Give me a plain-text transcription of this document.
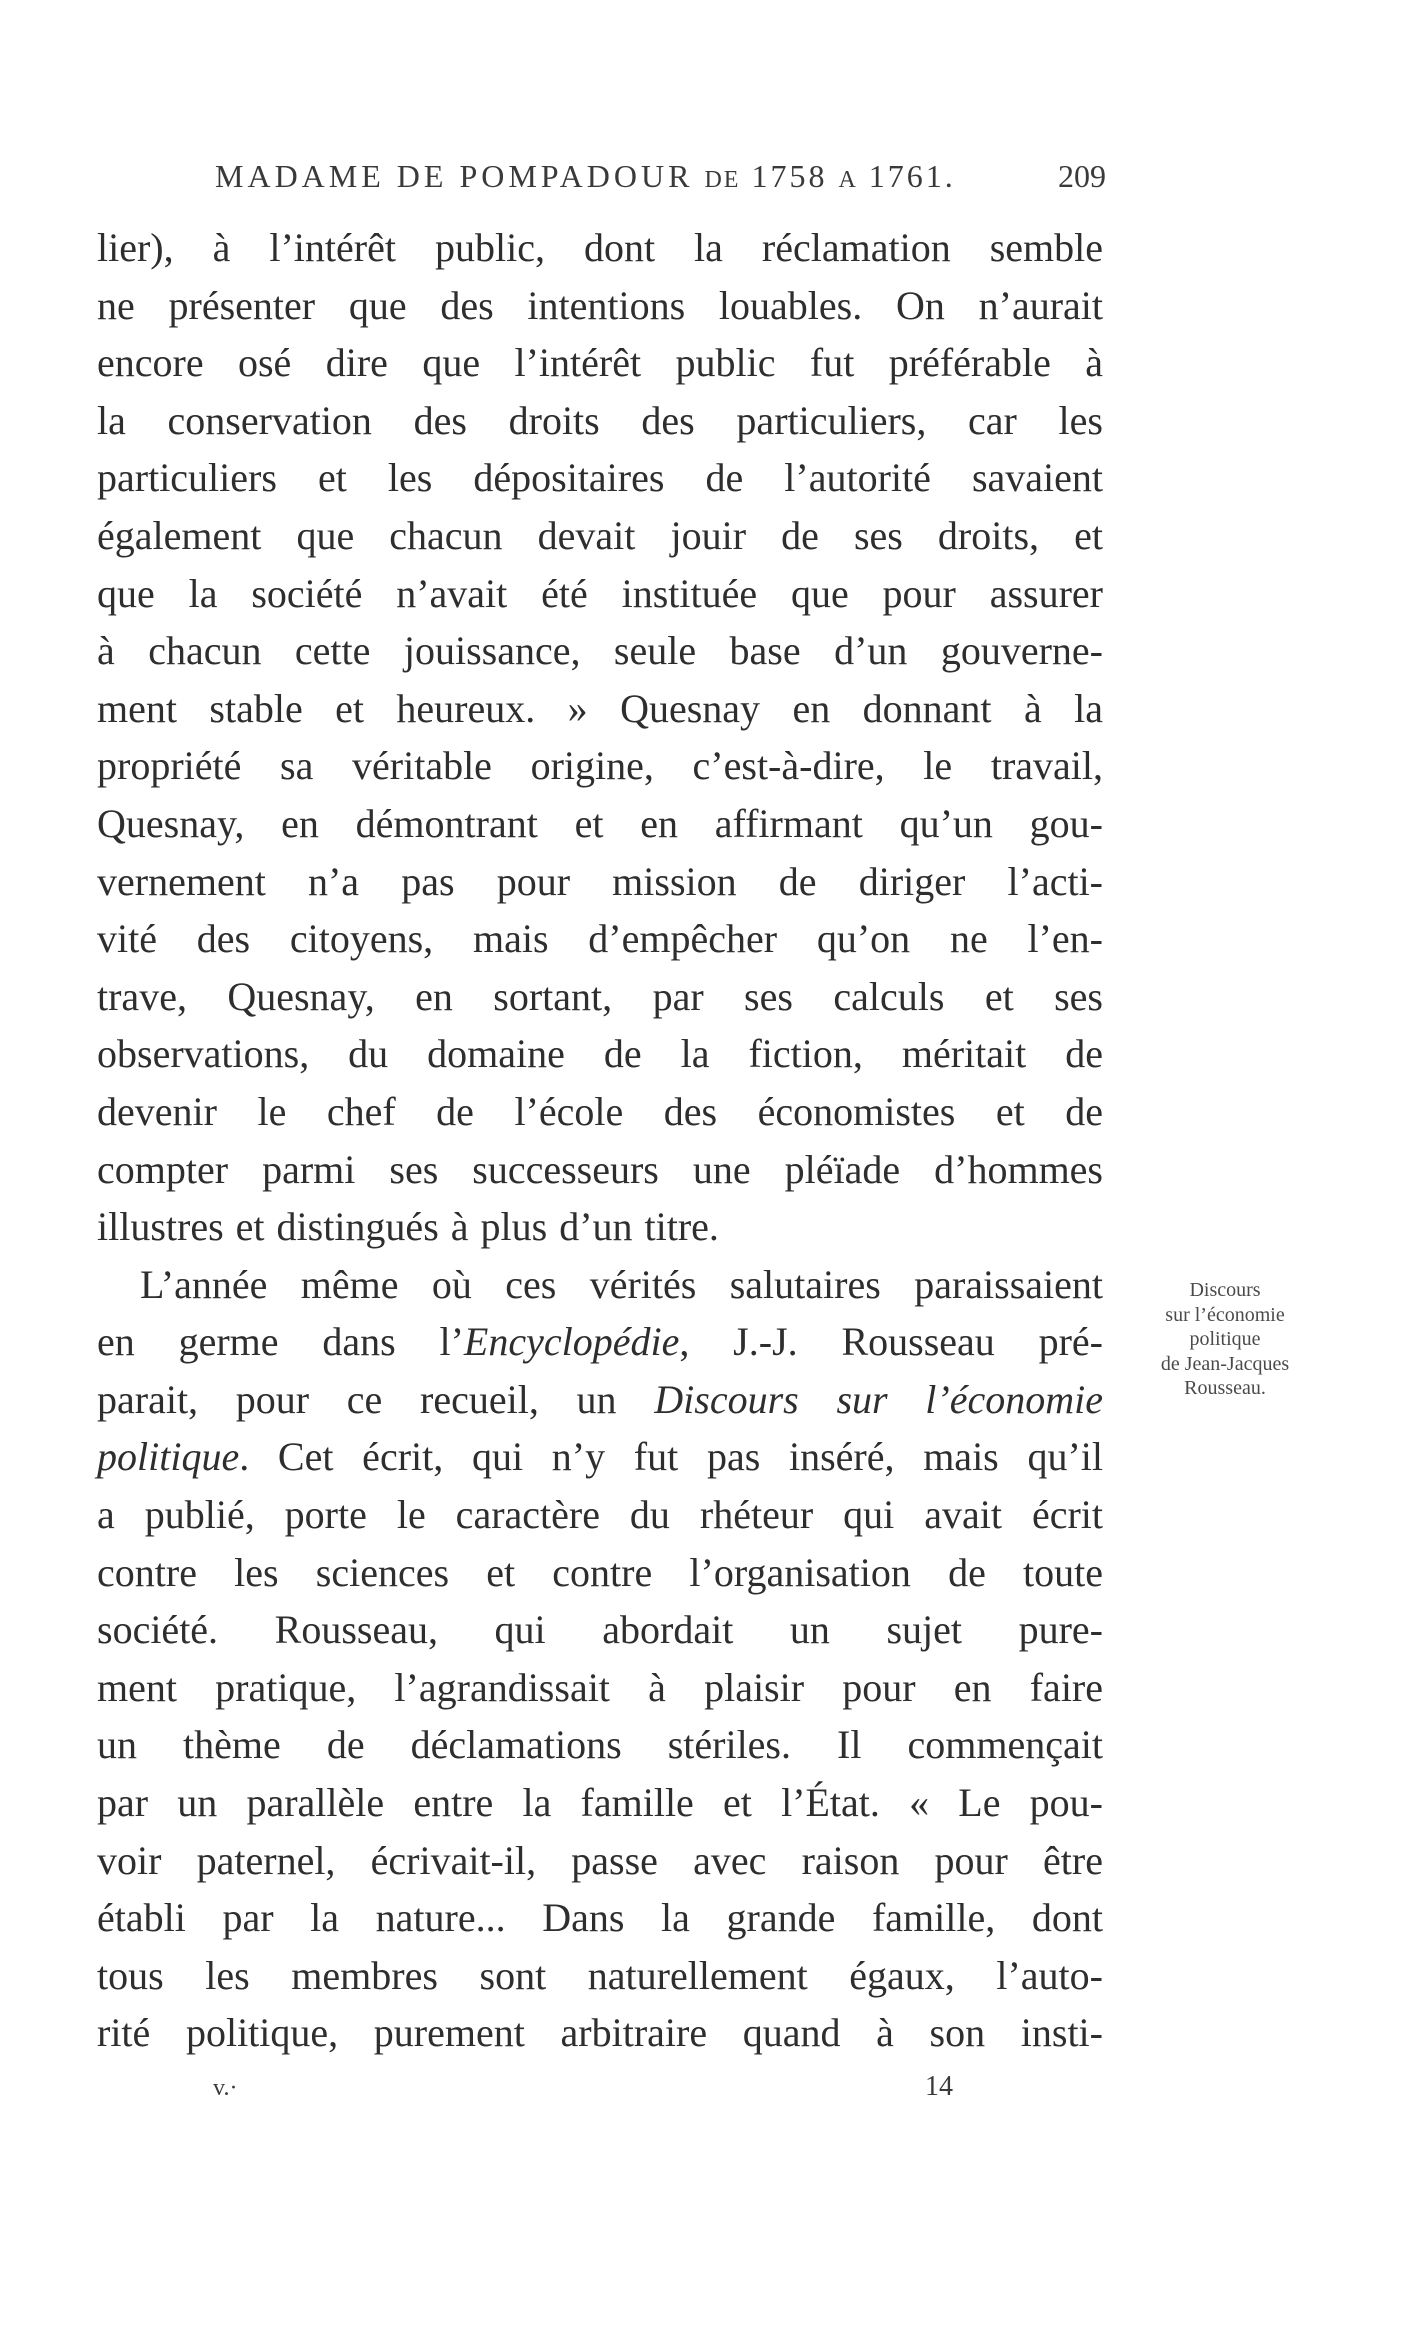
MADAME DE POMPADOUR DE 1758 A 1761.	209
lier), à l’intérêt public, dont la réclamation semble
ne présenter que des intentions louables. On n’aurait
encore osé dire que l’intérêt public fut préférable à
la conservation des droits des particuliers, car les
particuliers et les dépositaires de l’autorité savaient
également que chacun devait jouir de ses droits, et
que la société n’avait été instituée que pour assurer
à chacun cette jouissance, seule base d’un gouverne-
ment stable et heureux. » Quesnay en donnant à la
propriété sa véritable origine, c’est-à-dire, le travail,
Quesnay, en démontrant et en affirmant qu’un gou-
vernement n’a pas pour mission de diriger l’acti-
vité des citoyens, mais d’empêcher qu’on ne l’en-
trave, Quesnay, en sortant, par ses calculs et ses
observations, du domaine de la fiction, méritait de
devenir le chef de l’école des économistes et de
compter parmi ses successeurs une pléïade d’hommes
illustres et distingués à plus d’un titre.
L’année même où ces vérités salutaires paraissaient
en germe dans l’Encyclopédie, J.-J. Rousseau pré-
parait, pour ce recueil, un Discours sur l’économie
politique. Cet écrit, qui n’y fut pas inséré, mais qu’il
a publié, porte le caractère du rhéteur qui avait écrit
contre les sciences et contre l’organisation de toute
société. Rousseau, qui abordait un sujet pure-
ment pratique, l’agrandissait à plaisir pour en faire
un thème de déclamations stériles. Il commençait
par un parallèle entre la famille et l’État. « Le pou-
voir paternel, écrivait-il, passe avec raison pour être
établi par la nature... Dans la grande famille, dont
tous les membres sont naturellement égaux, l’auto-
rité politique, purement arbitraire quand à son insti-
Discours
sur l’économie
politique
de Jean-Jacques
Rousseau.
v.·	14
